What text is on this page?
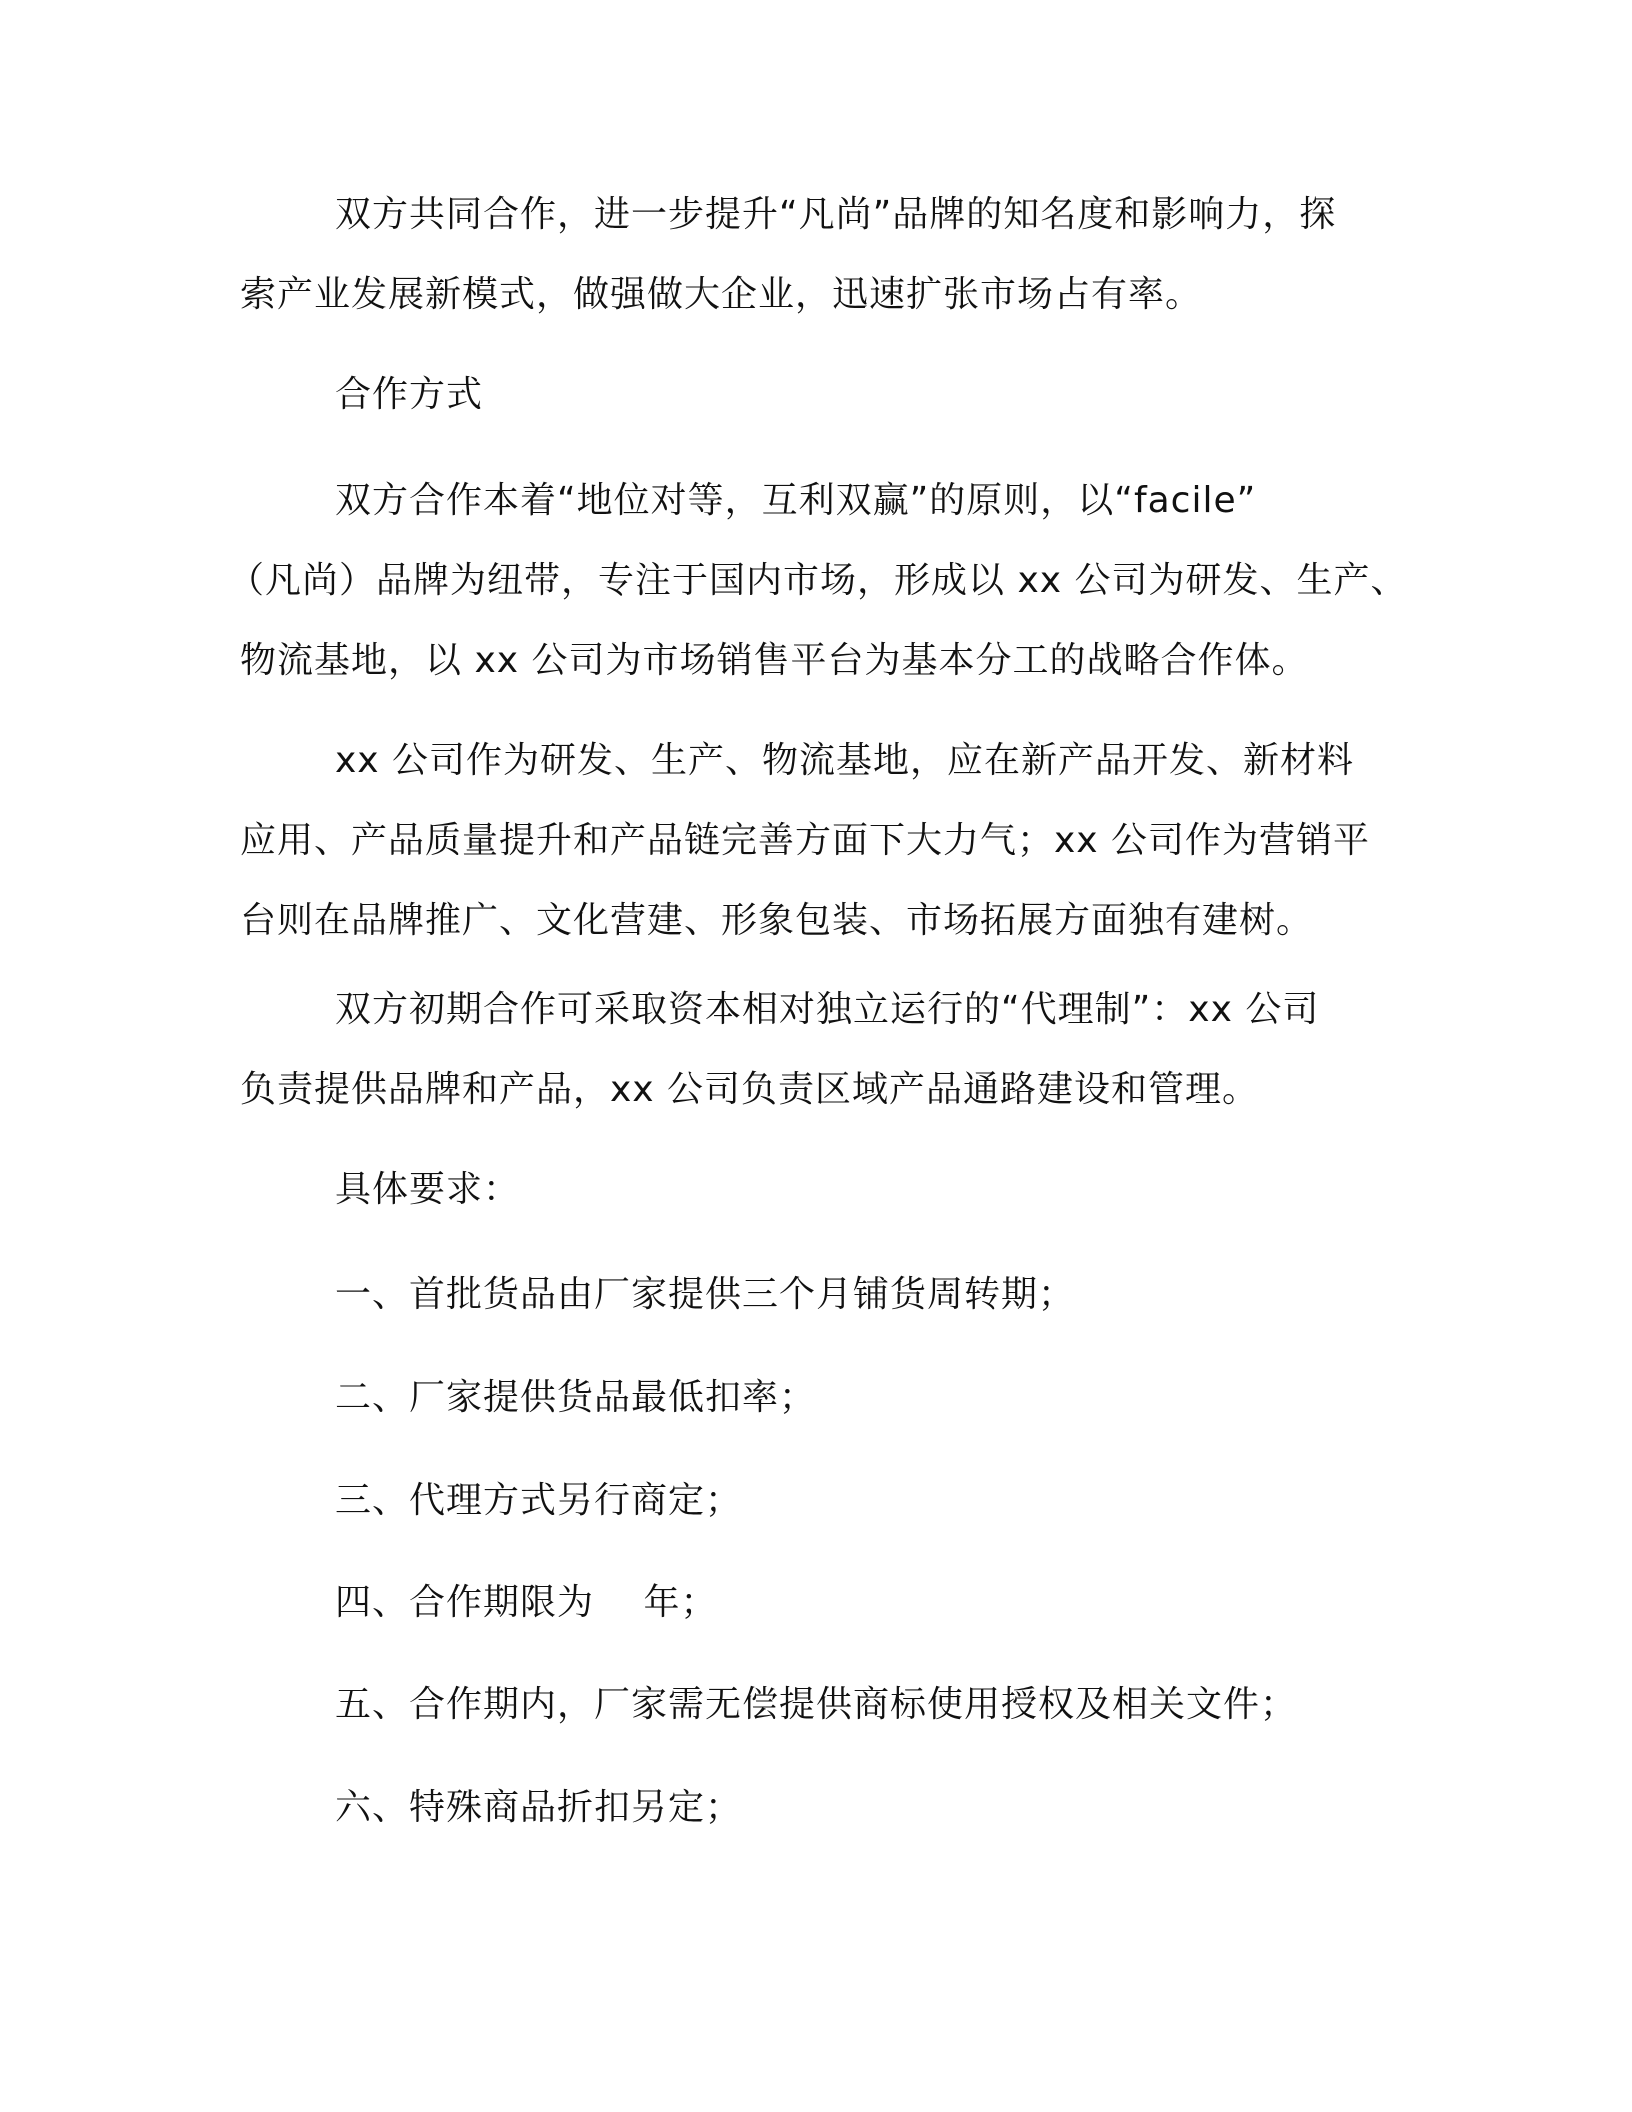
双方共同合作，进一步提升“凡尚”品牌的知名度和影响力，探
索产业发展新模式，做强做大企业，迅速扩张市场占有率。
合作方式
双方合作本着“地位对等，互利双赢”的原则，以“facile”
（凡尚）品牌为纽带，专注于国内市场，形成以 xx 公司为研发、生产、
物流基地，以 xx 公司为市场销售平台为基本分工的战略合作体。
xx 公司作为研发、生产、物流基地，应在新产品开发、新材料
应用、产品质量提升和产品链完善方面下大力气；xx 公司作为营销平
台则在品牌推广、文化营建、形象包装、市场拓展方面独有建树。
双方初期合作可采取资本相对独立运行的“代理制”：xx 公司
负责提供品牌和产品，xx 公司负责区域产品通路建设和管理。
具体要求：
一、首批货品由厂家提供三个月铺货周转期；
二、厂家提供货品最低扣率；
三、代理方式另行商定；
四、合作期限为　 年；
五、合作期内，厂家需无偿提供商标使用授权及相关文件；
六、特殊商品折扣另定；
